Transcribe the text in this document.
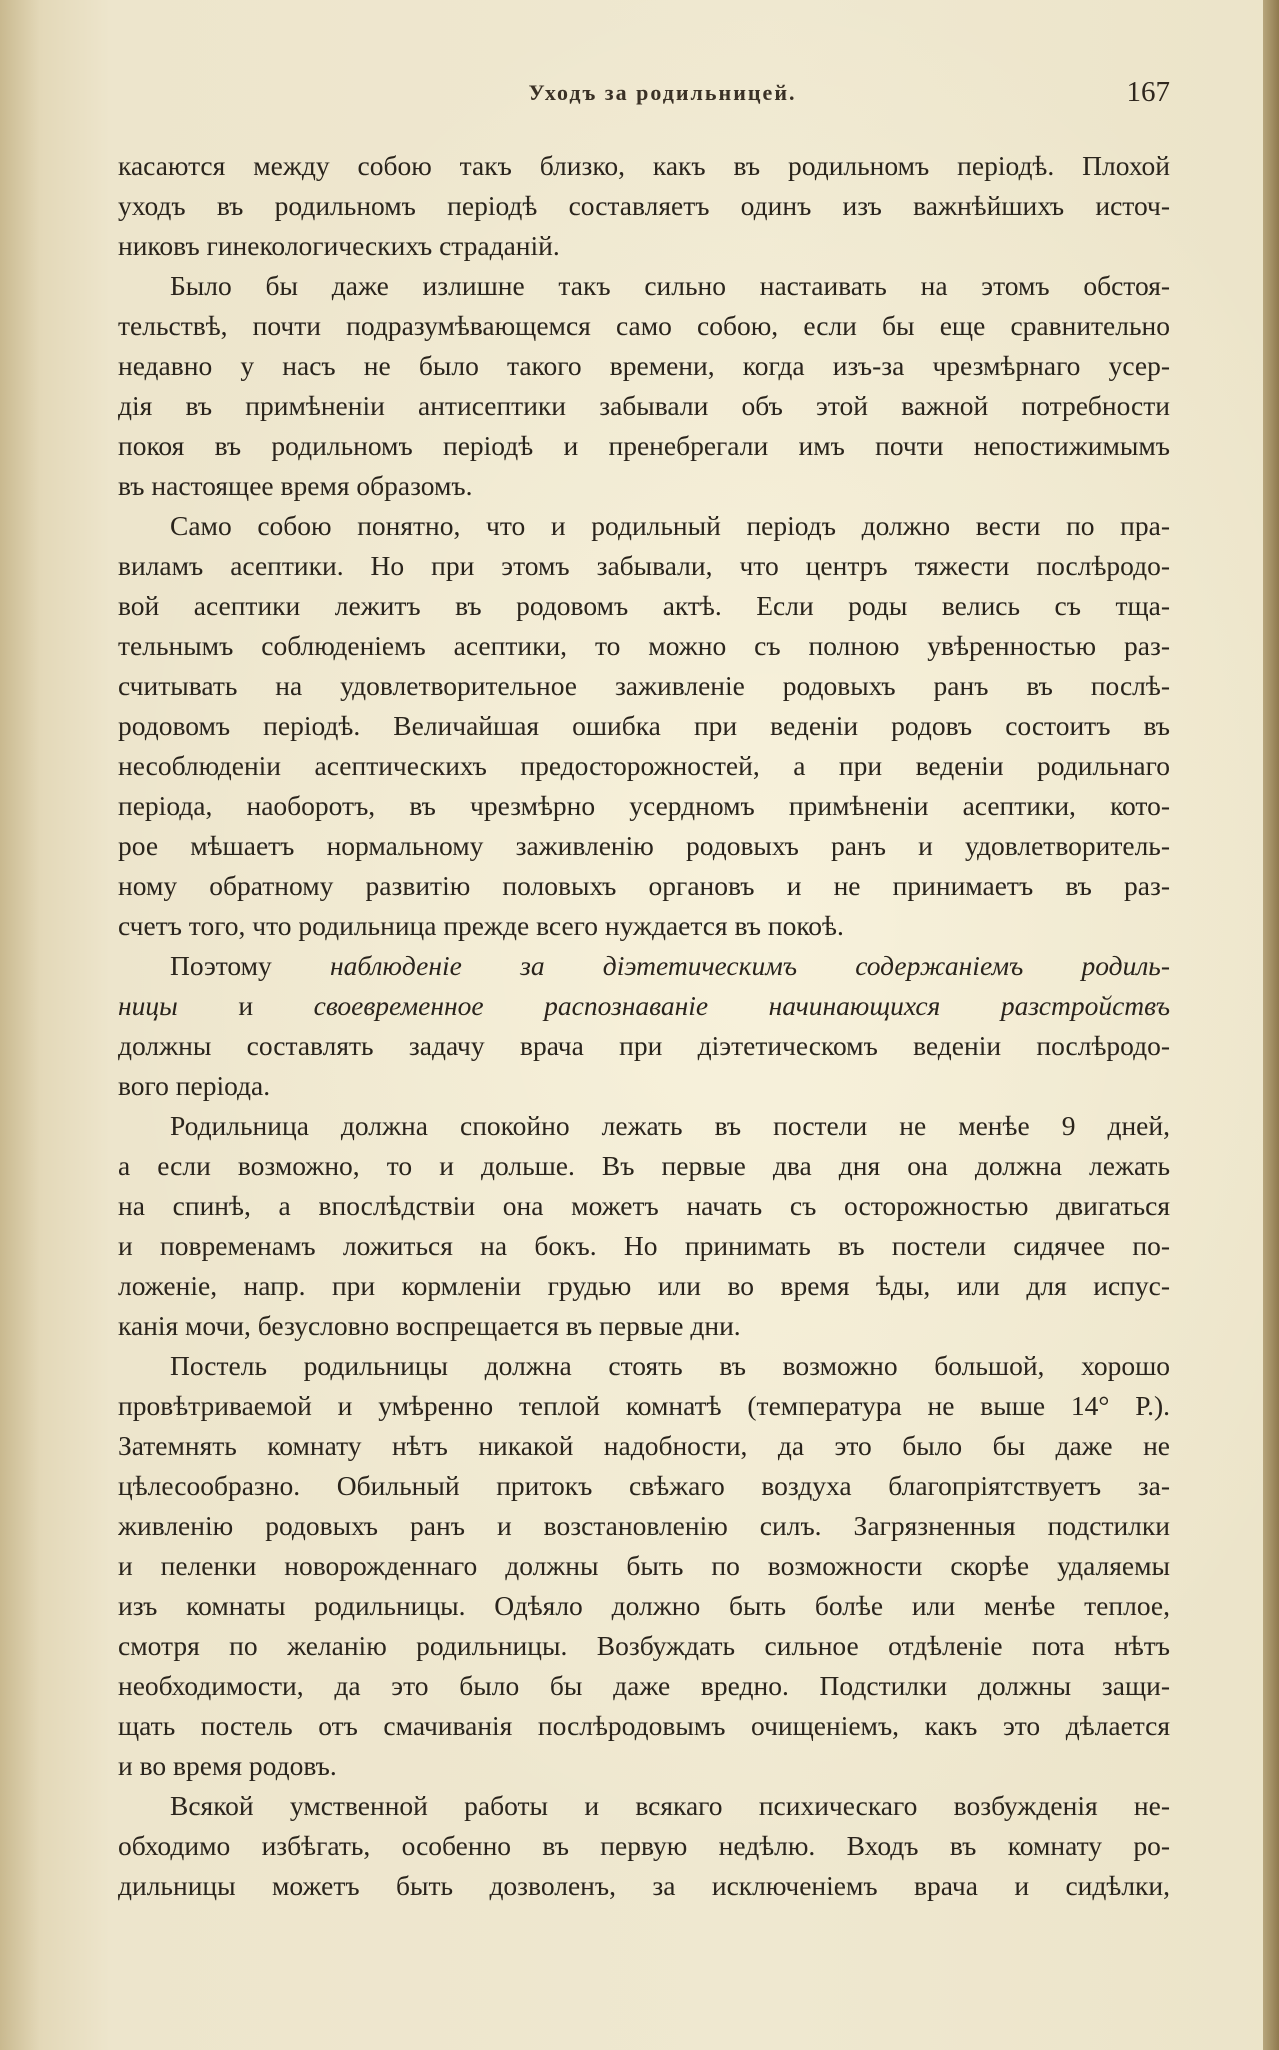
Уходъ за родильницей.	167
касаются между собою такъ близко, какъ въ родильномъ періодѣ. Плохой
уходъ въ родильномъ періодѣ составляетъ одинъ изъ важнѣйшихъ источ-
никовъ гинекологическихъ страданій.
Было бы даже излишне такъ сильно настаивать на этомъ обстоя-
тельствѣ, почти подразумѣвающемся само собою, если бы еще сравнительно
недавно у насъ не было такого времени, когда изъ-за чрезмѣрнаго усер-
дія въ примѣненіи антисептики забывали объ этой важной потребности
покоя въ родильномъ періодѣ и пренебрегали имъ почти непостижимымъ
въ настоящее время образомъ.
Само собою понятно, что и родильный періодъ должно вести по пра-
виламъ асептики. Но при этомъ забывали, что центръ тяжести послѣродо-
вой асептики лежитъ въ родовомъ актѣ. Если роды велись съ тща-
тельнымъ соблюденіемъ асептики, то можно съ полною увѣренностью раз-
считывать на удовлетворительное заживленіе родовыхъ ранъ въ послѣ-
родовомъ періодѣ. Величайшая ошибка при веденіи родовъ состоитъ въ
несоблюденіи асептическихъ предосторожностей, а при веденіи родильнаго
періода, наоборотъ, въ чрезмѣрно усердномъ примѣненіи асептики, кото-
рое мѣшаетъ нормальному заживленію родовыхъ ранъ и удовлетворитель-
ному обратному развитію половыхъ органовъ и не принимаетъ въ раз-
счетъ того, что родильница прежде всего нуждается въ покоѣ.
Поэтому наблюденіе за діэтетическимъ содержаніемъ родиль-
ницы и своевременное распознаваніе начинающихся разстройствъ
должны составлять задачу врача при діэтетическомъ веденіи послѣродо-
вого періода.
Родильница должна спокойно лежать въ постели не менѣе 9 дней,
а если возможно, то и дольше. Въ первые два дня она должна лежать
на спинѣ, а впослѣдствіи она можетъ начать съ осторожностью двигаться
и повременамъ ложиться на бокъ. Но принимать въ постели сидячее по-
ложеніе, напр. при кормленіи грудью или во время ѣды, или для испус-
канія мочи, безусловно воспрещается въ первые дни.
Постель родильницы должна стоять въ возможно большой, хорошо
провѣтриваемой и умѣренно теплой комнатѣ (температура не выше 14° Р.).
Затемнять комнату нѣтъ никакой надобности, да это было бы даже не
цѣлесообразно. Обильный притокъ свѣжаго воздуха благопріятствуетъ за-
живленію родовыхъ ранъ и возстановленію силъ. Загрязненныя подстилки
и пеленки новорожденнаго должны быть по возможности скорѣе удаляемы
изъ комнаты родильницы. Одѣяло должно быть болѣе или менѣе теплое,
смотря по желанію родильницы. Возбуждать сильное отдѣленіе пота нѣтъ
необходимости, да это было бы даже вредно. Подстилки должны защи-
щать постель отъ смачиванія послѣродовымъ очищеніемъ, какъ это дѣлается
и во время родовъ.
Всякой умственной работы и всякаго психическаго возбужденія не-
обходимо избѣгать, особенно въ первую недѣлю. Входъ въ комнату ро-
дильницы можетъ быть дозволенъ, за исключеніемъ врача и сидѣлки,
